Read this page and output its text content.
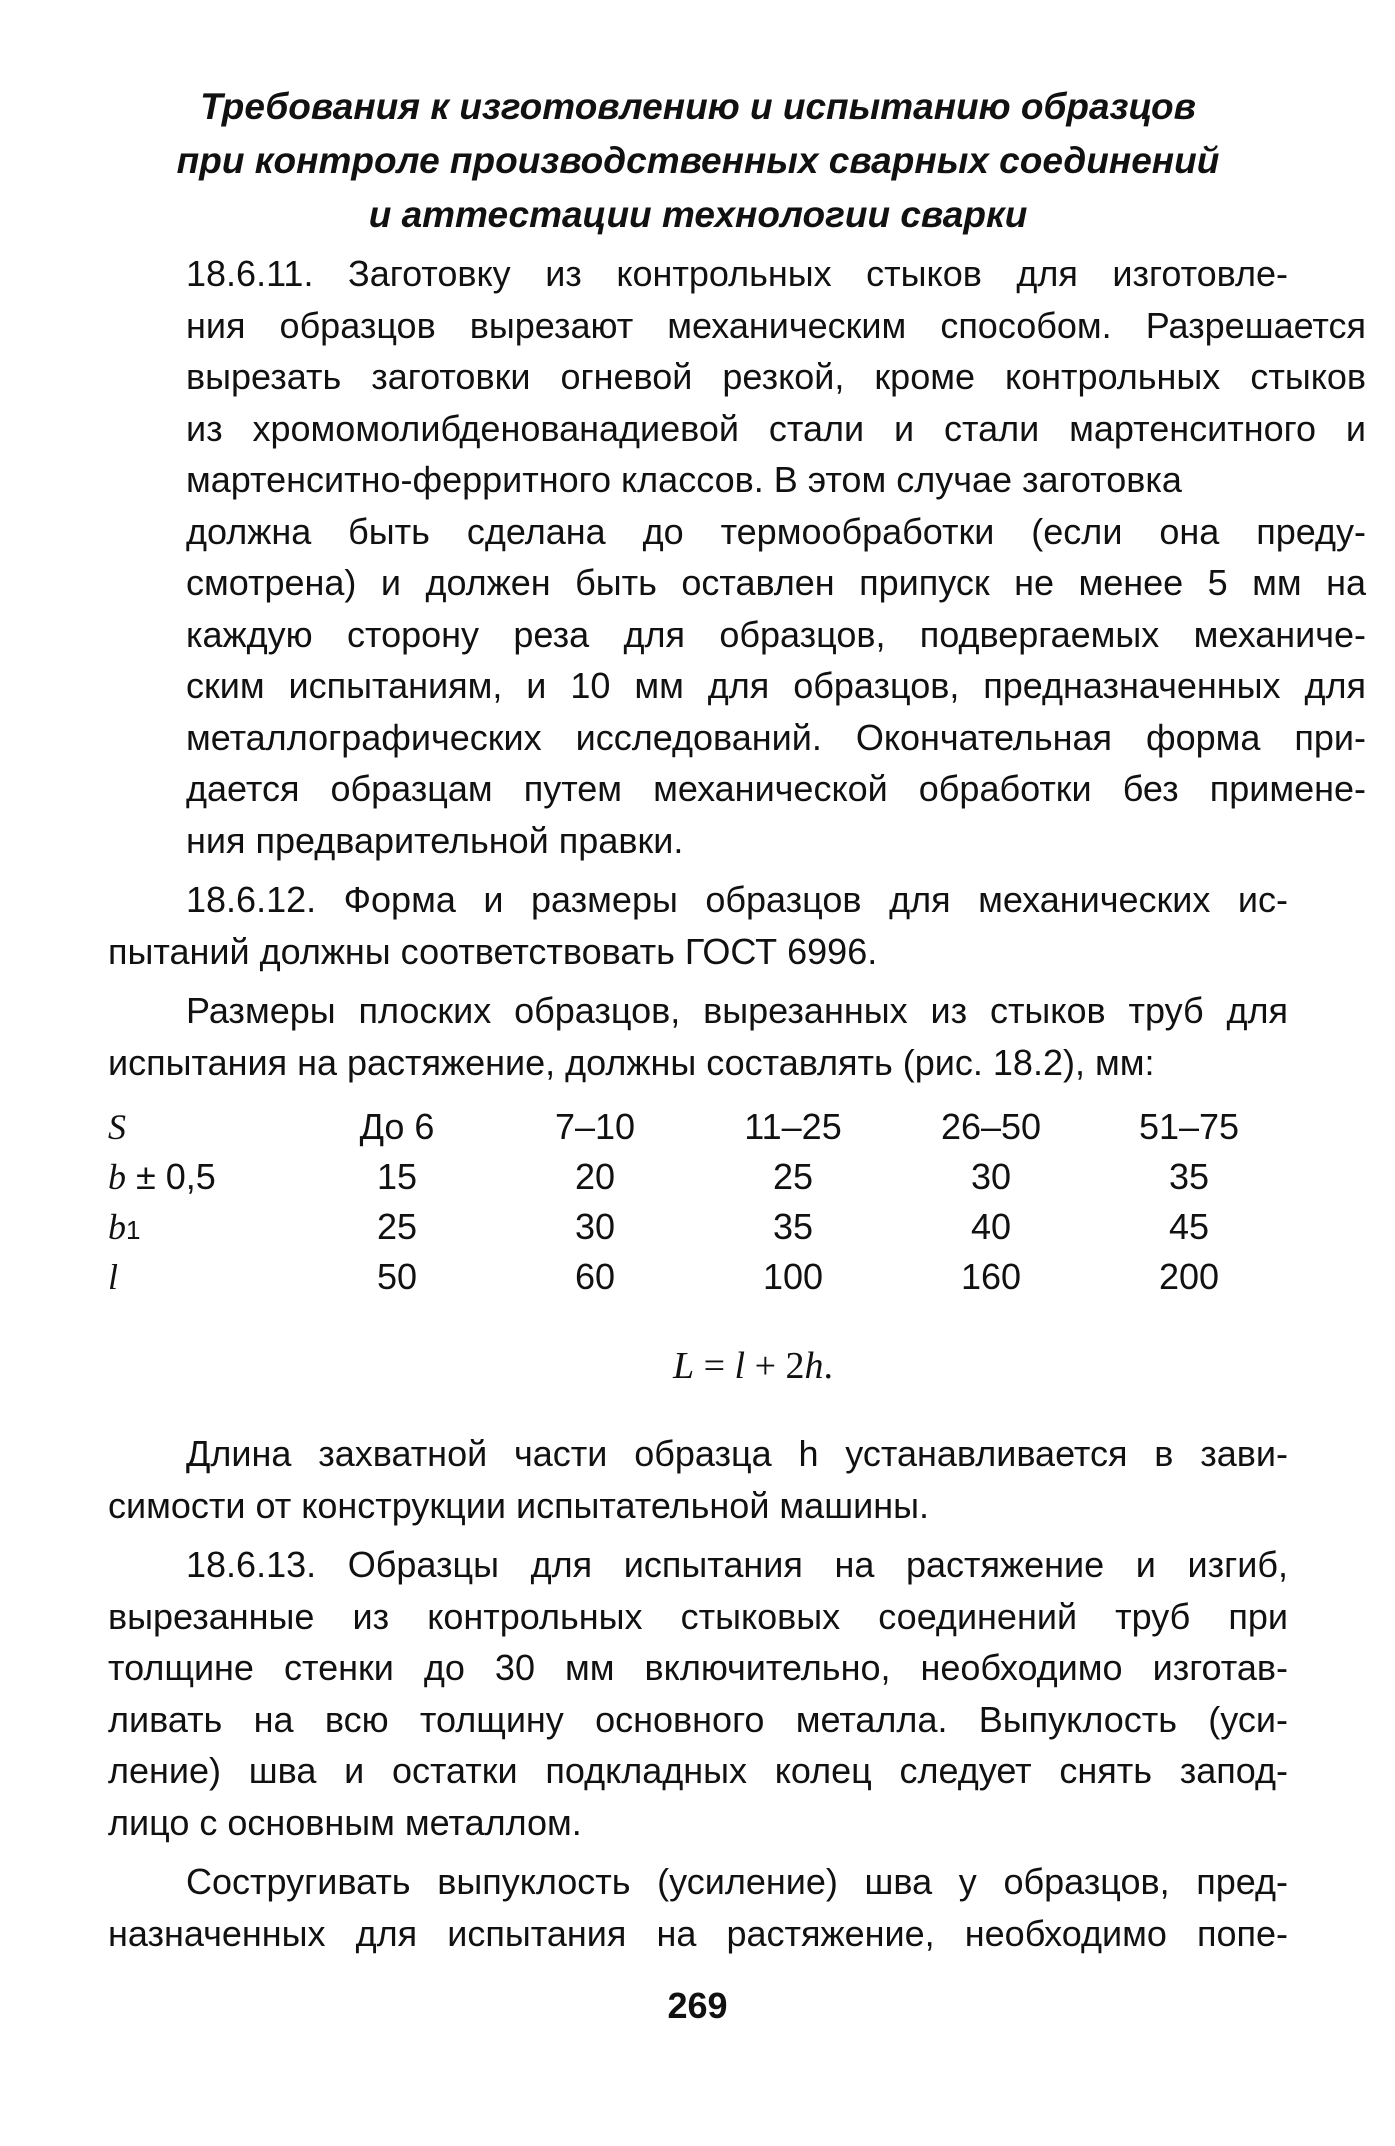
Требования к изготовлению и испытанию образцов
при контроле производственных сварных соединений
и аттестации технологии сварки
18.6.11. Заготовку из контрольных стыков для изготовле-
ния образцов вырезают механическим способом. Разрешается
вырезать заготовки огневой резкой, кроме контрольных стыков
из хромомолибденованадиевой стали и стали мартенситного и
мартенситно-ферритного классов. В этом случае заготовка
должна быть сделана до термообработки (если она преду-
смотрена) и должен быть оставлен припуск не менее 5 мм на
каждую сторону реза для образцов, подвергаемых механиче-
ским испытаниям, и 10 мм для образцов, предназначенных для
металлографических исследований. Окончательная форма при-
дается образцам путем механической обработки без примене-
ния предварительной правки.
18.6.12. Форма и размеры образцов для механических ис-
пытаний должны соответствовать ГОСТ 6996.
Размеры плоских образцов, вырезанных из стыков труб для
испытания на растяжение, должны составлять (рис. 18.2), мм:
S	До 6	7–10	11–25	26–50	51–75
b ± 0,5	15	20	25	30	35
b1	25	30	35	40	45
l	50	60	100	160	200
L = l + 2h.
Длина захватной части образца h устанавливается в зави-
симости от конструкции испытательной машины.
18.6.13. Образцы для испытания на растяжение и изгиб,
вырезанные из контрольных стыковых соединений труб при
толщине стенки до 30 мм включительно, необходимо изготав-
ливать на всю толщину основного металла. Выпуклость (уси-
ление) шва и остатки подкладных колец следует снять запод-
лицо с основным металлом.
Состругивать выпуклость (усиление) шва у образцов, пред-
назначенных для испытания на растяжение, необходимо попе-
269
